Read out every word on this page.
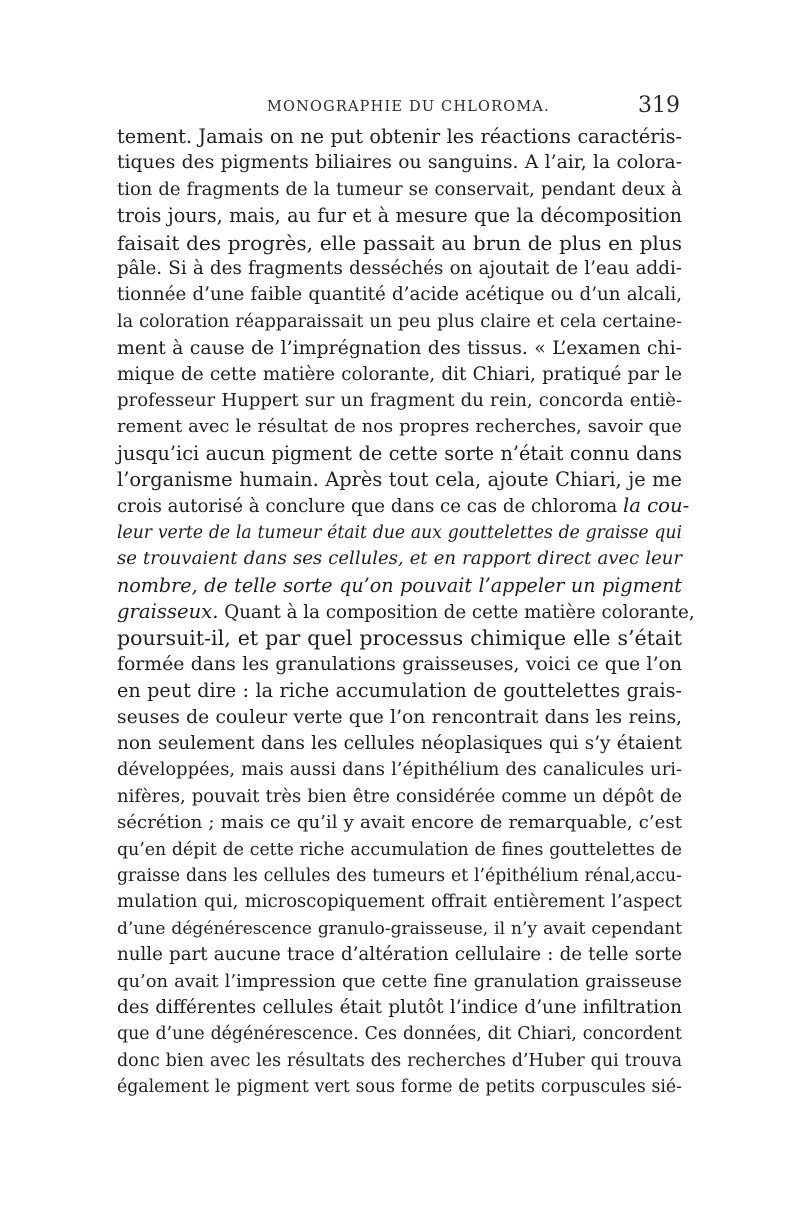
MONOGRAPHIE DU CHLOROMA.	319
tement. Jamais on ne put obtenir les réactions caractéris-
tiques des pigments biliaires ou sanguins. A l’air, la colora-
tion de fragments de la tumeur se conservait, pendant deux à
trois jours, mais, au fur et à mesure que la décomposition
faisait des progrès, elle passait au brun de plus en plus
pâle. Si à des fragments desséchés on ajoutait de l’eau addi-
tionnée d’une faible quantité d’acide acétique ou d’un alcali,
la coloration réapparaissait un peu plus claire et cela certaine-
ment à cause de l’imprégnation des tissus. « L’examen chi-
mique de cette matière colorante, dit Chiari, pratiqué par le
professeur Huppert sur un fragment du rein, concorda entiè-
rement avec le résultat de nos propres recherches, savoir que
jusqu’ici aucun pigment de cette sorte n’était connu dans
l’organisme humain. Après tout cela, ajoute Chiari, je me
crois autorisé à conclure que dans ce cas de chloroma la cou-
leur verte de la tumeur était due aux gouttelettes de graisse qui
se trouvaient dans ses cellules, et en rapport direct avec leur
nombre, de telle sorte qu’on pouvait l’appeler un pigment
graisseux. Quant à la composition de cette matière colorante,
poursuit-il, et par quel processus chimique elle s’était
formée dans les granulations graisseuses, voici ce que l’on
en peut dire : la riche accumulation de gouttelettes grais-
seuses de couleur verte que l’on rencontrait dans les reins,
non seulement dans les cellules néoplasiques qui s’y étaient
développées, mais aussi dans l’épithélium des canalicules uri-
nifères, pouvait très bien être considérée comme un dépôt de
sécrétion ; mais ce qu’il y avait encore de remarquable, c’est
qu’en dépit de cette riche accumulation de fines gouttelettes de
graisse dans les cellules des tumeurs et l’épithélium rénal,accu-
mulation qui, microscopiquement offrait entièrement l’aspect
d’une dégénérescence granulo-graisseuse, il n’y avait cependant
nulle part aucune trace d’altération cellulaire : de telle sorte
qu’on avait l’impression que cette fine granulation graisseuse
des différentes cellules était plutôt l’indice d’une infiltration
que d’une dégénérescence. Ces données, dit Chiari, concordent
donc bien avec les résultats des recherches d’Huber qui trouva
également le pigment vert sous forme de petits corpuscules sié-
